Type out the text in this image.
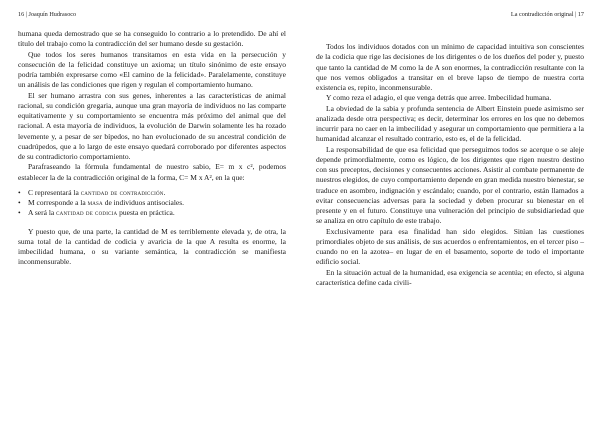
16 | Joaquín Hudrasoco

humana queda demostrado que se ha conseguido lo contrario a lo pretendido. De ahí el título del trabajo como la contradicción del ser humano desde su gestación.

Que todos los seres humanos transitamos en esta vida en la persecución y consecución de la felicidad constituye un axioma; un título sinónimo de este ensayo podría también expresarse como «El camino de la felicidad». Paralelamente, constituye un análisis de las condiciones que rigen y regulan el comportamiento humano.

El ser humano arrastra con sus genes, inherentes a las características de animal racional, su condición gregaria, aunque una gran mayoría de individuos no las comparte equitativamente y su comportamiento se encuentra más próximo del animal que del racional. A esta mayoría de individuos, la evolución de Darwin solamente les ha rozado levemente y, a pesar de ser bípedos, no han evolucionado de su ancestral condición de cuadrúpedos, que a lo largo de este ensayo quedará corroborado por diferentes aspectos de su contradictorio comportamiento.

Parafraseando la fórmula fundamental de nuestro sabio, E= m x c², podemos establecer la de la contradicción original de la forma, C= M x A², en la que:

• C representará la cantidad de contradicción.
• M corresponde a la masa de individuos antisociales.
• A será la cantidad de codicia puesta en práctica.

Y puesto que, de una parte, la cantidad de M es terriblemente elevada y, de otra, la suma total de la cantidad de codicia y avaricia de la que A resulta es enorme, la imbecilidad humana, o su variante semántica, la contradicción se manifiesta inconmensurable.

La contradicción original | 17

Todos los individuos dotados con un mínimo de capacidad intuitiva son conscientes de la codicia que rige las decisiones de los dirigentes o de los dueños del poder y, puesto que tanto la cantidad de M como la de A son enormes, la contradicción resultante con la que nos vemos obligados a transitar en el breve lapso de tiempo de nuestra corta existencia es, repito, inconmensurable.

Y como reza el adagio, el que venga detrás que arree. Imbecilidad humana.

La obviedad de la sabia y profunda sentencia de Albert Einstein puede asimismo ser analizada desde otra perspectiva; es decir, determinar los errores en los que no debemos incurrir para no caer en la imbecilidad y asegurar un comportamiento que permitiera a la humanidad alcanzar el resultado contrario, esto es, el de la felicidad.

La responsabilidad de que esa felicidad que perseguimos todos se acerque o se aleje depende primordialmente, como es lógico, de los dirigentes que rigen nuestro destino con sus preceptos, decisiones y consecuentes acciones. Asistir al combate permanente de nuestros elegidos, de cuyo comportamiento depende en gran medida nuestro bienestar, se traduce en asombro, indignación y escándalo; cuando, por el contrario, están llamados a evitar consecuencias adversas para la sociedad y deben procurar su bienestar en el presente y en el futuro. Constituye una vulneración del principio de subsidiariedad que se analiza en otro capítulo de este trabajo.

Exclusivamente para esa finalidad han sido elegidos. Sitúan las cuestiones primordiales objeto de sus análisis, de sus acuerdos o enfrentamientos, en el tercer piso –cuando no en la azotea– en lugar de en el basamento, soporte de todo el importante edificio social.

En la situación actual de la humanidad, esa exigencia se acentúa; en efecto, si alguna característica define cada civili-
